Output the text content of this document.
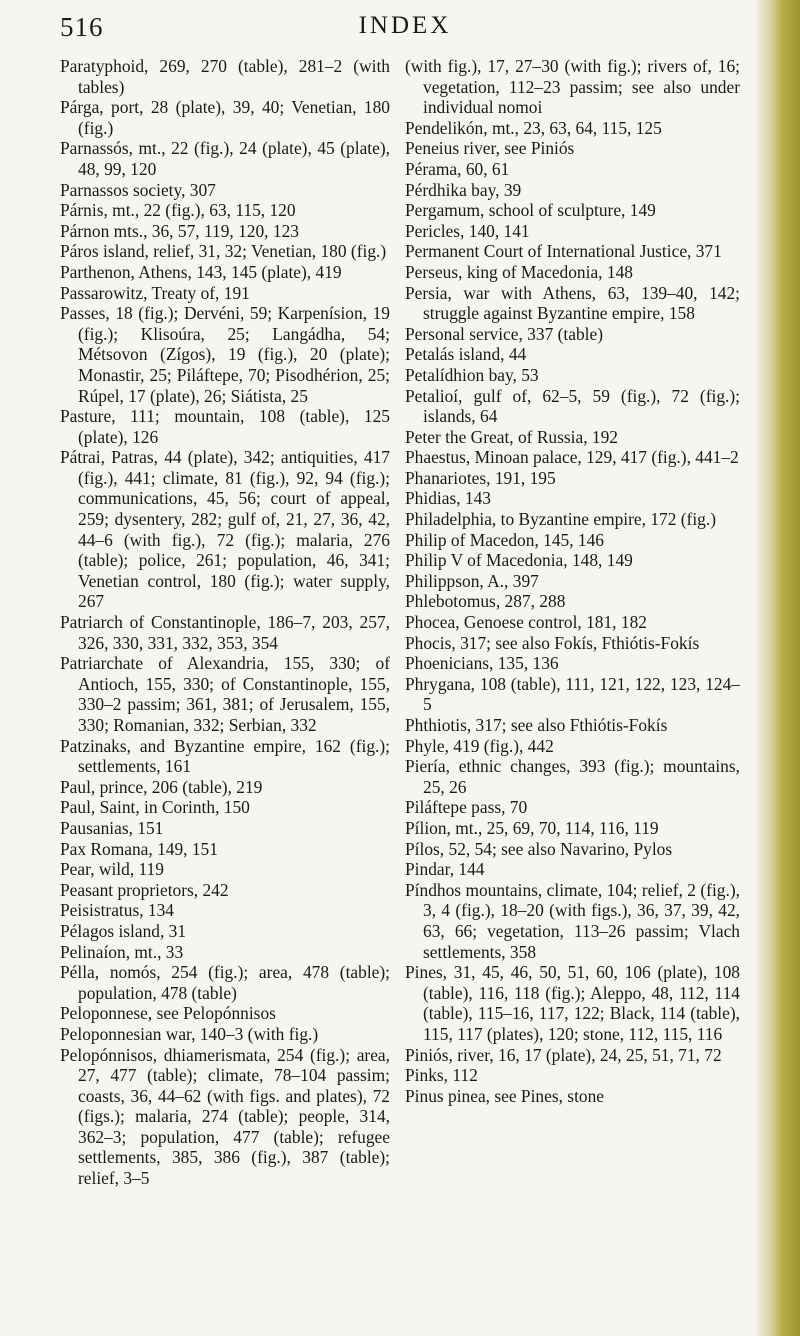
516	INDEX

Paratyphoid, 269, 270 (table), 281–2 (with tables)

Párga, port, 28 (plate), 39, 40; Venetian, 180 (fig.)

Parnassós, mt., 22 (fig.), 24 (plate), 45 (plate), 48, 99, 120

Parnassos society, 307

Párnis, mt., 22 (fig.), 63, 115, 120

Párnon mts., 36, 57, 119, 120, 123

Páros island, relief, 31, 32; Venetian, 180 (fig.)

Parthenon, Athens, 143, 145 (plate), 419

Passarowitz, Treaty of, 191

Passes, 18 (fig.); Dervéni, 59; Karpenísion, 19 (fig.); Klisoúra, 25; Langádha, 54; Métsovon (Zígos), 19 (fig.), 20 (plate); Monastir, 25; Piláftepe, 70; Pisodhérion, 25; Rúpel, 17 (plate), 26; Siátista, 25

Pasture, 111; mountain, 108 (table), 125 (plate), 126

Pátrai, Patras, 44 (plate), 342; antiquities, 417 (fig.), 441; climate, 81 (fig.), 92, 94 (fig.); communications, 45, 56; court of appeal, 259; dysentery, 282; gulf of, 21, 27, 36, 42, 44–6 (with fig.), 72 (fig.); malaria, 276 (table); police, 261; population, 46, 341; Venetian control, 180 (fig.); water supply, 267

Patriarch of Constantinople, 186–7, 203, 257, 326, 330, 331, 332, 353, 354

Patriarchate of Alexandria, 155, 330; of Antioch, 155, 330; of Constantinople, 155, 330–2 passim; 361, 381; of Jerusalem, 155, 330; Romanian, 332; Serbian, 332

Patzinaks, and Byzantine empire, 162 (fig.); settlements, 161

Paul, prince, 206 (table), 219

Paul, Saint, in Corinth, 150

Pausanias, 151

Pax Romana, 149, 151

Pear, wild, 119

Peasant proprietors, 242

Peisistratus, 134

Pélagos island, 31

Pelinaíon, mt., 33

Pélla, nomós, 254 (fig.); area, 478 (table); population, 478 (table)

Peloponnese, see Pelopónnisos

Peloponnesian war, 140–3 (with fig.)

Pelopónnisos, dhiamerismata, 254 (fig.); area, 27, 477 (table); climate, 78–104 passim; coasts, 36, 44–62 (with figs. and plates), 72 (figs.); malaria, 274 (table); people, 314, 362–3; population, 477 (table); refugee settlements, 385, 386 (fig.), 387 (table); relief, 3–5

(with fig.), 17, 27–30 (with fig.); rivers of, 16; vegetation, 112–23 passim; see also under individual nomoi

Pendelikón, mt., 23, 63, 64, 115, 125

Peneius river, see Piniós

Pérama, 60, 61

Pérdhika bay, 39

Pergamum, school of sculpture, 149

Pericles, 140, 141

Permanent Court of International Justice, 371

Perseus, king of Macedonia, 148

Persia, war with Athens, 63, 139–40, 142; struggle against Byzantine empire, 158

Personal service, 337 (table)

Petalás island, 44

Petalídhion bay, 53

Petalioí, gulf of, 62–5, 59 (fig.), 72 (fig.); islands, 64

Peter the Great, of Russia, 192

Phaestus, Minoan palace, 129, 417 (fig.), 441–2

Phanariotes, 191, 195

Phidias, 143

Philadelphia, to Byzantine empire, 172 (fig.)

Philip of Macedon, 145, 146

Philip V of Macedonia, 148, 149

Philippson, A., 397

Phlebotomus, 287, 288

Phocea, Genoese control, 181, 182

Phocis, 317; see also Fokís, Fthiótis-Fokís

Phoenicians, 135, 136

Phrygana, 108 (table), 111, 121, 122, 123, 124–5

Phthiotis, 317; see also Fthiótis-Fokís

Phyle, 419 (fig.), 442

Piería, ethnic changes, 393 (fig.); mountains, 25, 26

Piláftepe pass, 70

Pílion, mt., 25, 69, 70, 114, 116, 119

Pílos, 52, 54; see also Navarino, Pylos

Pindar, 144

Píndhos mountains, climate, 104; relief, 2 (fig.), 3, 4 (fig.), 18–20 (with figs.), 36, 37, 39, 42, 63, 66; vegetation, 113–26 passim; Vlach settlements, 358

Pines, 31, 45, 46, 50, 51, 60, 106 (plate), 108 (table), 116, 118 (fig.); Aleppo, 48, 112, 114 (table), 115–16, 117, 122; Black, 114 (table), 115, 117 (plates), 120; stone, 112, 115, 116

Piniós, river, 16, 17 (plate), 24, 25, 51, 71, 72

Pinks, 112

Pinus pinea, see Pines, stone
